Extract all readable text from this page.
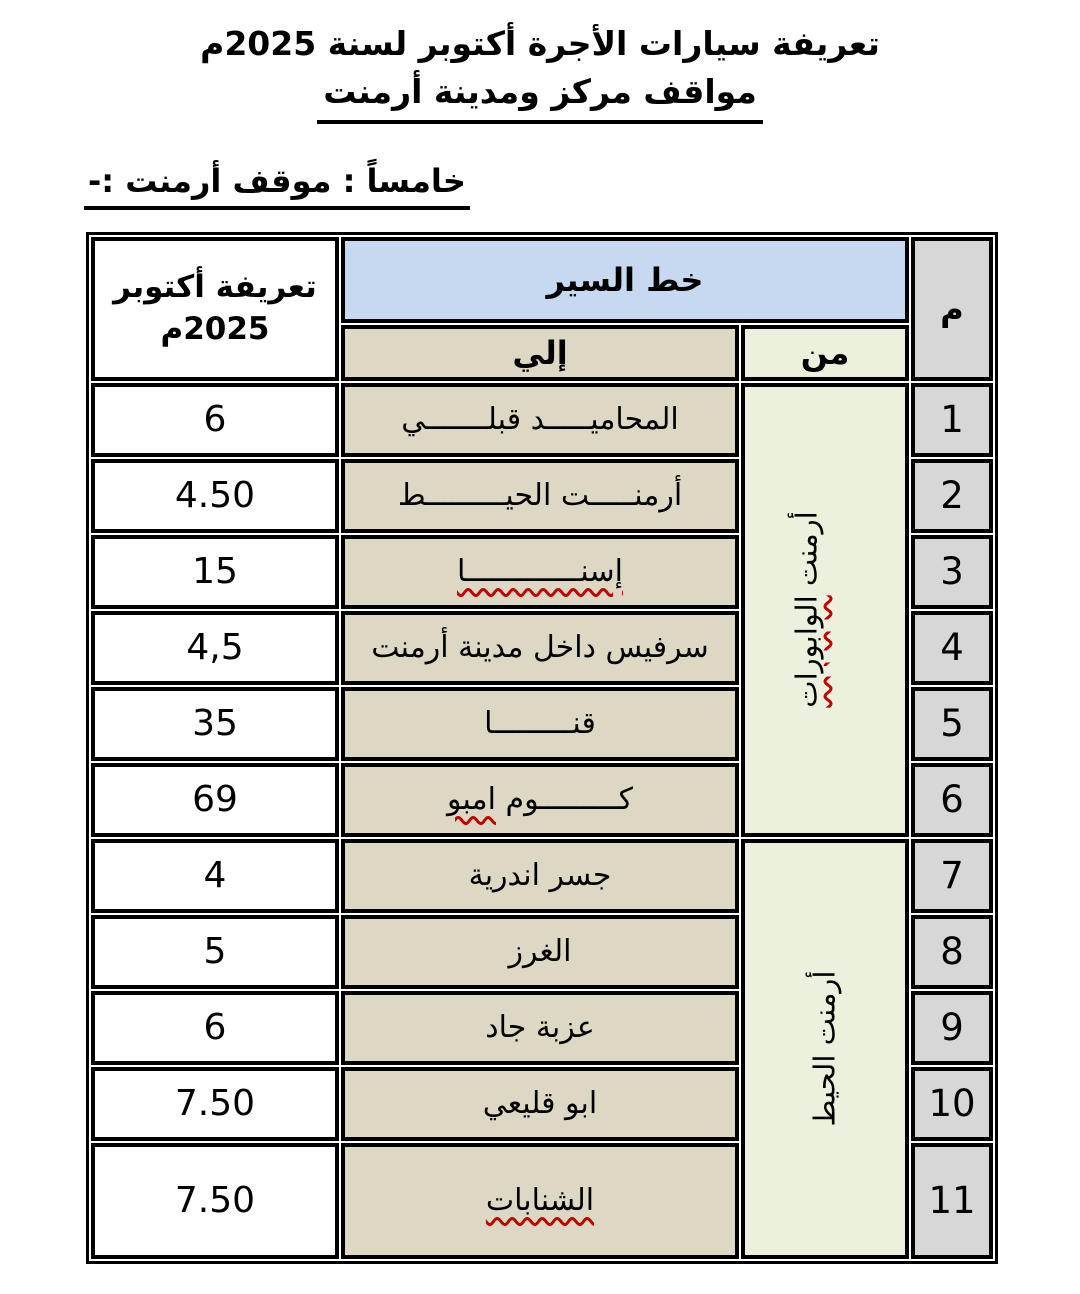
تعريفة سيارات الأجرة أكتوبر لسنة 2025م
مواقف مركز ومدينة أرمنت
خامساً : موقف أرمنت :-
م	خط السير		تعريفة أكتوبر
2025م

	من	إلي	
1	أرمنت الوابورات	المحاميـــــد قبلـــــــي	6
2		أرمنـــــت الحيـــــــــط	4.50
3		إسنـــــــــــــا	15
4		سرفيس داخل مدينة أرمنت	4,5
5		قنـــــــــا	35
6		كـــــــــوم امبو	69
7	أرمنت الحيط	جسر اندرية	4
8		الغرز	5
9		عزبة جاد	6
10		ابو قليعي	7.50
11		الشنابات	7.50
